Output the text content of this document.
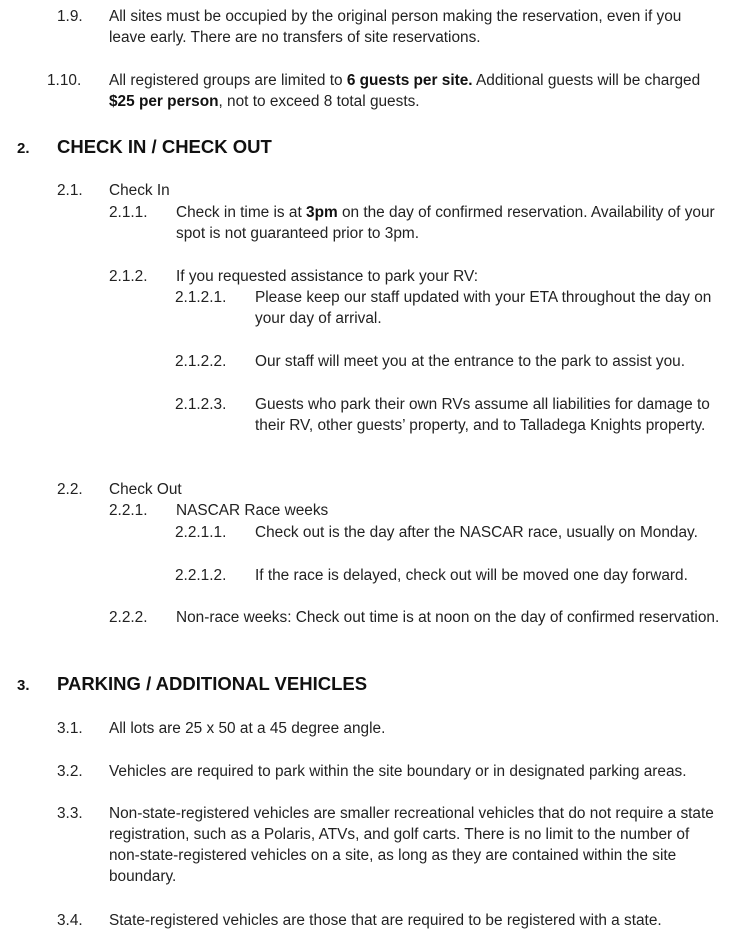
1.9. All sites must be occupied by the original person making the reservation, even if you leave early. There are no transfers of site reservations.
1.10. All registered groups are limited to 6 guests per site. Additional guests will be charged $25 per person, not to exceed 8 total guests.
2. CHECK IN / CHECK OUT
2.1. Check In
2.1.1. Check in time is at 3pm on the day of confirmed reservation. Availability of your spot is not guaranteed prior to 3pm.
2.1.2. If you requested assistance to park your RV:
2.1.2.1. Please keep our staff updated with your ETA throughout the day on your day of arrival.
2.1.2.2. Our staff will meet you at the entrance to the park to assist you.
2.1.2.3. Guests who park their own RVs assume all liabilities for damage to their RV, other guests’ property, and to Talladega Knights property.
2.2. Check Out
2.2.1. NASCAR Race weeks
2.2.1.1. Check out is the day after the NASCAR race, usually on Monday.
2.2.1.2. If the race is delayed, check out will be moved one day forward.
2.2.2. Non-race weeks: Check out time is at noon on the day of confirmed reservation.
3. PARKING / ADDITIONAL VEHICLES
3.1. All lots are 25 x 50 at a 45 degree angle.
3.2. Vehicles are required to park within the site boundary or in designated parking areas.
3.3. Non-state-registered vehicles are smaller recreational vehicles that do not require a state registration, such as a Polaris, ATVs, and golf carts. There is no limit to the number of non-state-registered vehicles on a site, as long as they are contained within the site boundary.
3.4. State-registered vehicles are those that are required to be registered with a state.
